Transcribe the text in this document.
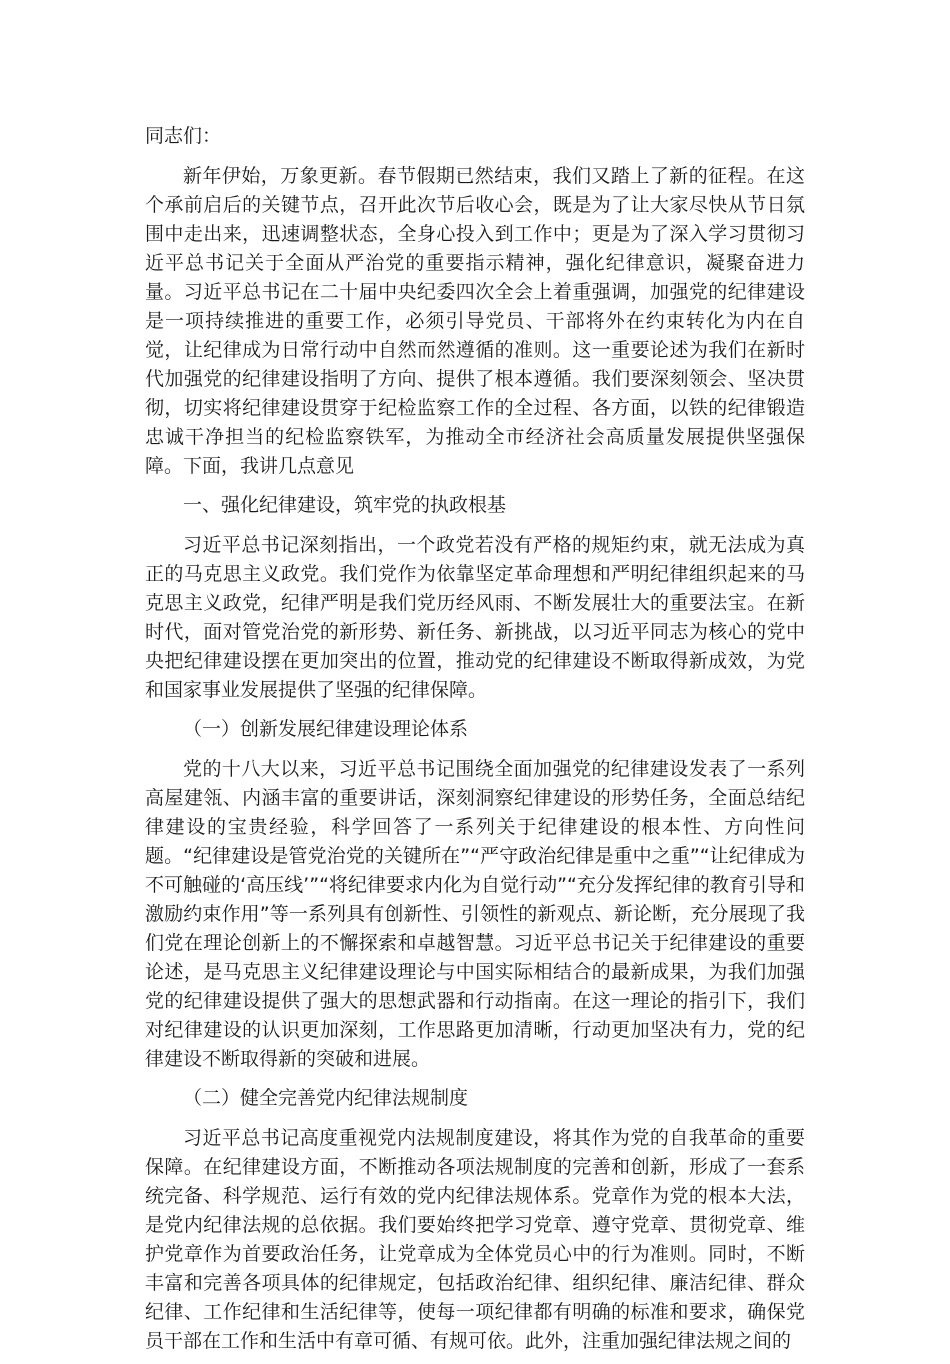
同志们：

新年伊始，万象更新。春节假期已然结束，我们又踏上了新的征程。在这个承前启后的关键节点，召开此次节后收心会，既是为了让大家尽快从节日氛围中走出来，迅速调整状态，全身心投入到工作中；更是为了深入学习贯彻习近平总书记关于全面从严治党的重要指示精神，强化纪律意识，凝聚奋进力量。习近平总书记在二十届中央纪委四次全会上着重强调，加强党的纪律建设是一项持续推进的重要工作，必须引导党员、干部将外在约束转化为内在自觉，让纪律成为日常行动中自然而然遵循的准则。这一重要论述为我们在新时代加强党的纪律建设指明了方向、提供了根本遵循。我们要深刻领会、坚决贯彻，切实将纪律建设贯穿于纪检监察工作的全过程、各方面，以铁的纪律锻造忠诚干净担当的纪检监察铁军，为推动全市经济社会高质量发展提供坚强保障。下面，我讲几点意见

一、强化纪律建设，筑牢党的执政根基

习近平总书记深刻指出，一个政党若没有严格的规矩约束，就无法成为真正的马克思主义政党。我们党作为依靠坚定革命理想和严明纪律组织起来的马克思主义政党，纪律严明是我们党历经风雨、不断发展壮大的重要法宝。在新时代，面对管党治党的新形势、新任务、新挑战，以习近平同志为核心的党中央把纪律建设摆在更加突出的位置，推动党的纪律建设不断取得新成效，为党和国家事业发展提供了坚强的纪律保障。

（一）创新发展纪律建设理论体系

党的十八大以来，习近平总书记围绕全面加强党的纪律建设发表了一系列高屋建瓴、内涵丰富的重要讲话，深刻洞察纪律建设的形势任务，全面总结纪律建设的宝贵经验，科学回答了一系列关于纪律建设的根本性、方向性问题。“纪律建设是管党治党的关键所在”“严守政治纪律是重中之重”“让纪律成为不可触碰的‘高压线’”“将纪律要求内化为自觉行动”“充分发挥纪律的教育引导和激励约束作用”等一系列具有创新性、引领性的新观点、新论断，充分展现了我们党在理论创新上的不懈探索和卓越智慧。习近平总书记关于纪律建设的重要论述，是马克思主义纪律建设理论与中国实际相结合的最新成果，为我们加强党的纪律建设提供了强大的思想武器和行动指南。在这一理论的指引下，我们对纪律建设的认识更加深刻，工作思路更加清晰，行动更加坚决有力，党的纪律建设不断取得新的突破和进展。

（二）健全完善党内纪律法规制度

习近平总书记高度重视党内法规制度建设，将其作为党的自我革命的重要保障。在纪律建设方面，不断推动各项法规制度的完善和创新，形成了一套系统完备、科学规范、运行有效的党内纪律法规体系。党章作为党的根本大法，是党内纪律法规的总依据。我们要始终把学习党章、遵守党章、贯彻党章、维护党章作为首要政治任务，让党章成为全体党员心中的行为准则。同时，不断丰富和完善各项具体的纪律规定，包括政治纪律、组织纪律、廉洁纪律、群众纪律、工作纪律和生活纪律等，使每一项纪律都有明确的标准和要求，确保党员干部在工作和生活中有章可循、有规可依。此外，注重加强纪律法规之间的
